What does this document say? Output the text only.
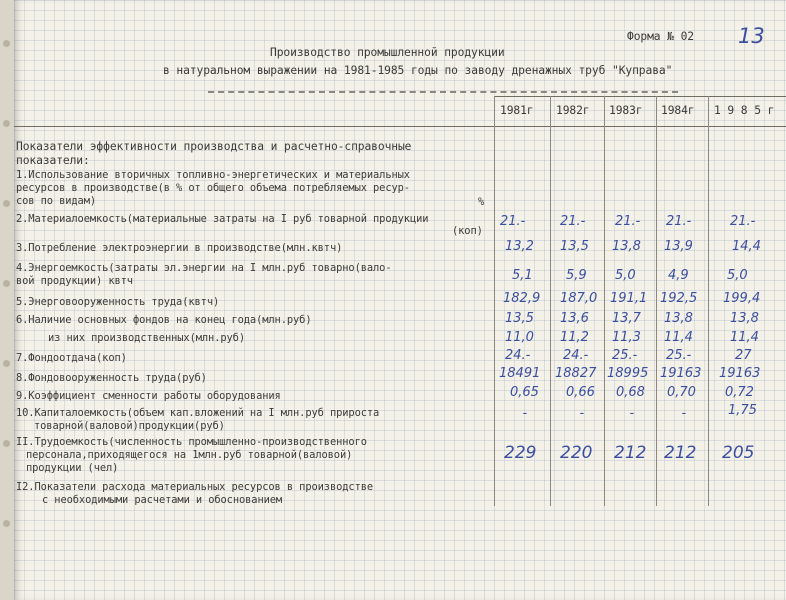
Форма № 02 13
Производство промышленной продукции
в натуральном выражении на 1981-1985 годы по заводу дренажных труб "Куправа"
1981г 1982г 1983г 1984г 1 9 8 5 г
Показатели эффективности производства и расчетно-справочные
показатели:
1.Использование вторичных топливно-энергетических и материальных
ресурсов в производстве(в % от общего объема потребляемых ресур-
сов по видам)	%
2.Материалоемкость(материальные затраты на I руб товарной продукции
(коп)
21.-	21.- 21.- 21.-	21.-
3.Потребление электроэнергии в производстве(млн.квтч)	13,2 13,5 13,8 13,9	14,4
4.Энергоемкость(затраты эл.энергии на I млн.руб товарно(вало-
вой продукции) квтч	5,1	5,9 5,0 4,9	5,0
5.Энерговооруженность труда(квтч)	182,9 187,0 191,1 192,5 199,4
6.Наличие основных фондов на конец года(млн.руб)	13,5 13,6 13,7 13,8	13,8
из них производственных(млн.руб)	11,0 11,2 11,3 11,4	11,4
7.Фондоотдача(коп)	24.-	24.- 25.- 25.-	27
8.Фондовооруженность труда(руб)	18491 18827 18995 19163 19163
9.Коэффициент сменности работы оборудования	0,65 0,66 0,68 0,70 0,72
10.Капиталоемкость(объем кап.вложений на I млн.руб прироста
товарной(валовой)продукции(руб)
-	-	-	-	1,75
II.Трудоемкость(численность промышленно-производственного
персонала,приходящегося на 1млн.руб товарной(валовой)
продукции (чел)
229 220 212 212 205
I2.Показатели расхода материальных ресурсов в производстве
с необходимыми расчетами и обоснованием
